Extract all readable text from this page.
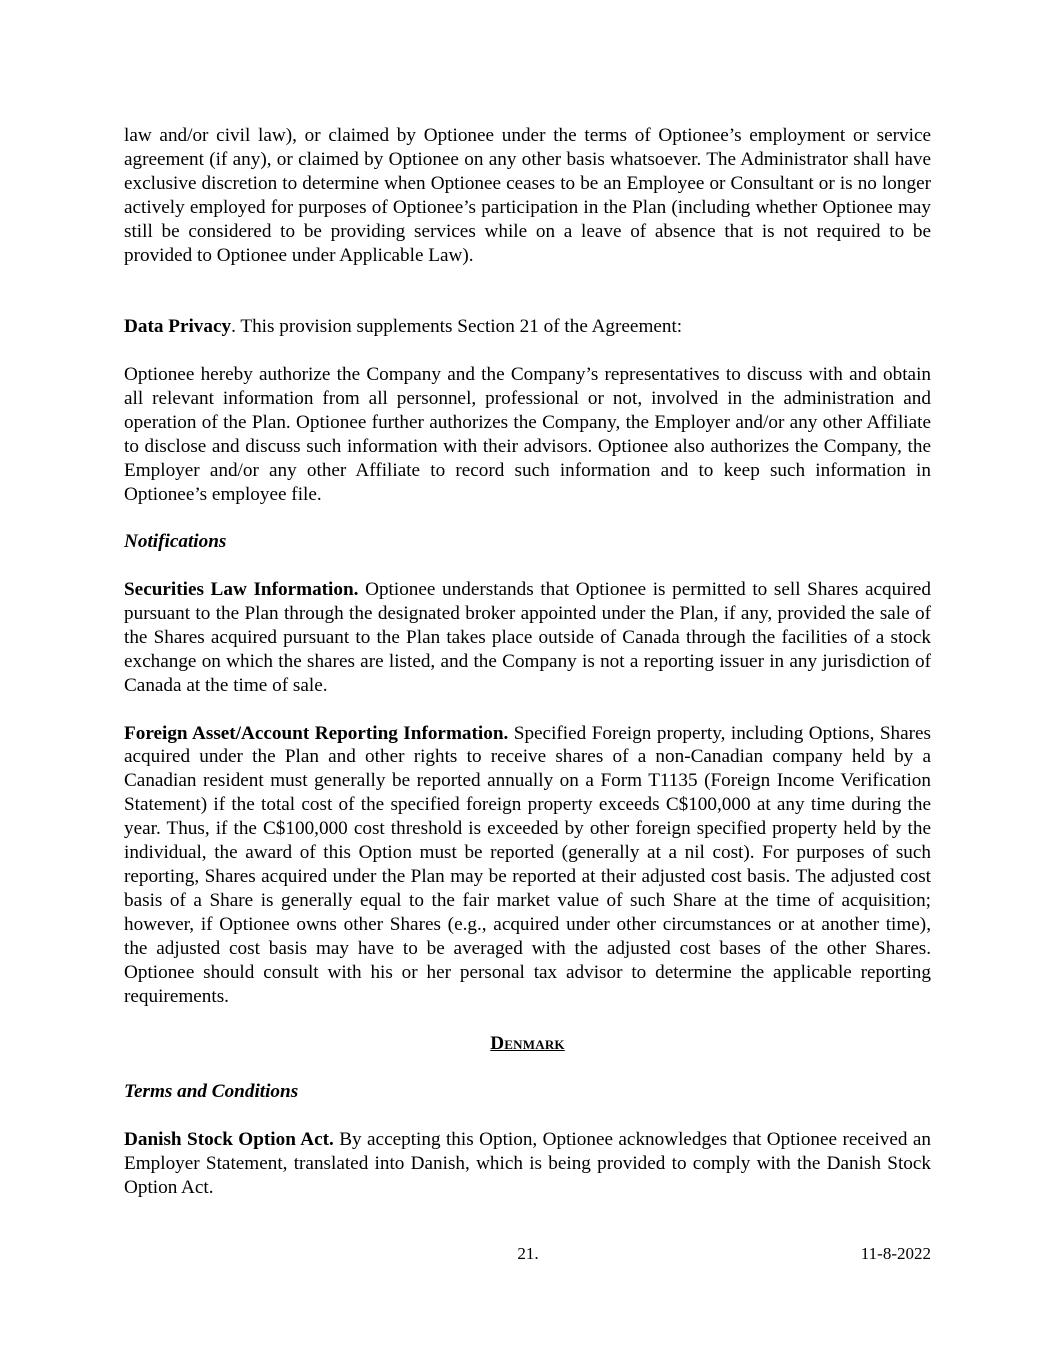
law and/or civil law), or claimed by Optionee under the terms of Optionee’s employment or service agreement (if any), or claimed by Optionee on any other basis whatsoever. The Administrator shall have exclusive discretion to determine when Optionee ceases to be an Employee or Consultant or is no longer actively employed for purposes of Optionee’s participation in the Plan (including whether Optionee may still be considered to be providing services while on a leave of absence that is not required to be provided to Optionee under Applicable Law).

Data Privacy. This provision supplements Section 21 of the Agreement:

Optionee hereby authorize the Company and the Company’s representatives to discuss with and obtain all relevant information from all personnel, professional or not, involved in the administration and operation of the Plan. Optionee further authorizes the Company, the Employer and/or any other Affiliate to disclose and discuss such information with their advisors. Optionee also authorizes the Company, the Employer and/or any other Affiliate to record such information and to keep such information in Optionee’s employee file.

Notifications

Securities Law Information. Optionee understands that Optionee is permitted to sell Shares acquired pursuant to the Plan through the designated broker appointed under the Plan, if any, provided the sale of the Shares acquired pursuant to the Plan takes place outside of Canada through the facilities of a stock exchange on which the shares are listed, and the Company is not a reporting issuer in any jurisdiction of Canada at the time of sale.

Foreign Asset/Account Reporting Information. Specified Foreign property, including Options, Shares acquired under the Plan and other rights to receive shares of a non-Canadian company held by a Canadian resident must generally be reported annually on a Form T1135 (Foreign Income Verification Statement) if the total cost of the specified foreign property exceeds C$100,000 at any time during the year. Thus, if the C$100,000 cost threshold is exceeded by other foreign specified property held by the individual, the award of this Option must be reported (generally at a nil cost). For purposes of such reporting, Shares acquired under the Plan may be reported at their adjusted cost basis. The adjusted cost basis of a Share is generally equal to the fair market value of such Share at the time of acquisition; however, if Optionee owns other Shares (e.g., acquired under other circumstances or at another time), the adjusted cost basis may have to be averaged with the adjusted cost bases of the other Shares. Optionee should consult with his or her personal tax advisor to determine the applicable reporting requirements.

Denmark

Terms and Conditions

Danish Stock Option Act. By accepting this Option, Optionee acknowledges that Optionee received an Employer Statement, translated into Danish, which is being provided to comply with the Danish Stock Option Act.

21.	11-8-2022
